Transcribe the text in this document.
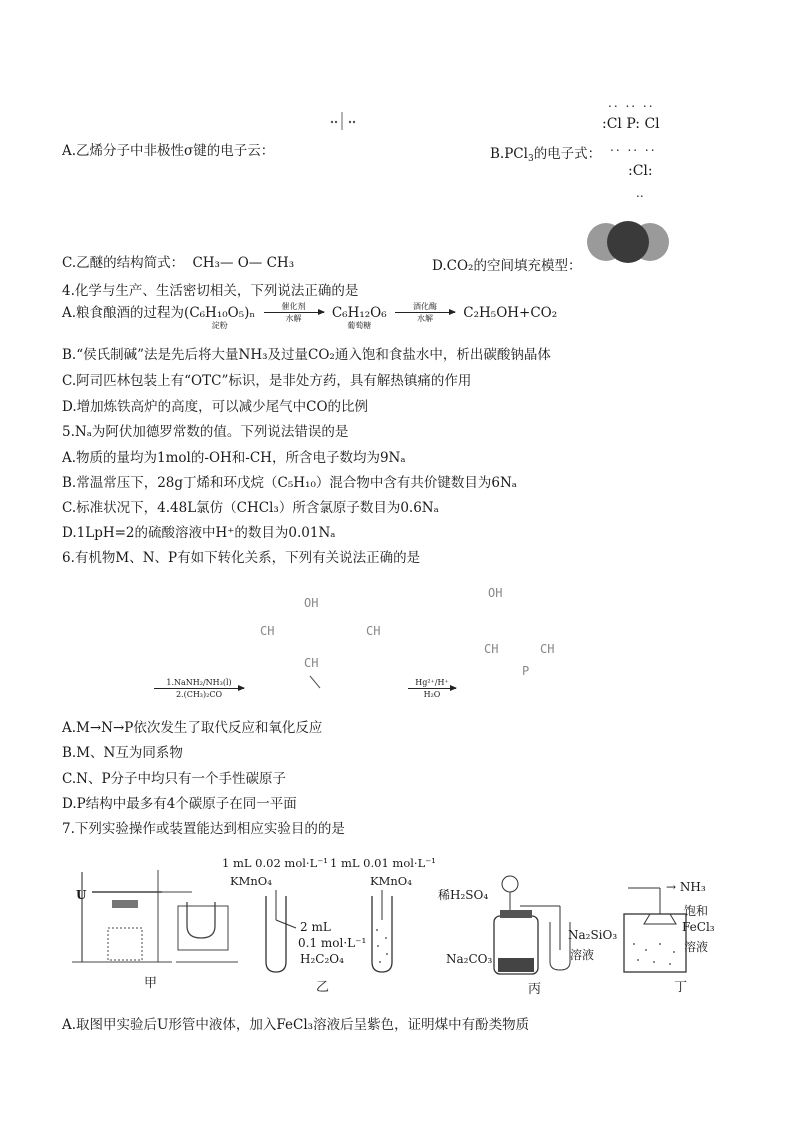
A.乙烯分子中非极性σ键的电子云：	B.PCl$_3$的电子式：
.. .. ..
:Cl P: Cl
.. .. ..
:Cl:
..
C.乙醚的结构简式： CH₃— O— CH₃	D.CO₂的空间填充模型：
4.化学与生产、生活密切相关，下列说法正确的是
A.粮食酿酒的过程为 (C₆H₁₀O₅)ₙ
淀粉

催化剂
水解
	C₆H₁₂O₆
葡萄糖

酒化酶
水解	C₂H₅OH+CO₂
B.“侯氏制碱”法是先后将大量NH₃及过量CO₂通入饱和食盐水中，析出碳酸钠晶体
C.阿司匹林包装上有“OTC”标识，是非处方药，具有解热镇痛的作用
D.增加炼铁高炉的高度，可以减少尾气中CO的比例
5.Nₐ为阿伏加德罗常数的值。下列说法错误的是
A.物质的量均为1mol的-OH和-CH，所含电子数均为9Nₐ
B.常温常压下，28g丁烯和环戊烷（C₅H₁₀）混合物中含有共价键数目为6Nₐ
C.标准状况下，4.48L氯仿（CHCl₃）所含氯原子数目为0.6Nₐ
D.1LpH=2的硫酸溶液中H⁺的数目为0.01Nₐ
6.有机物M、N、P有如下转化关系，下列有关说法正确的是
OH
CH	CH
CH
OH
CH	CH
P
1.NaNH₂/NH₃(l)
2.(CH₃)₂CO	$\frac{\text{Hg²⁺/H⁺}}{\text{H₂O}}$
A.M→N→P依次发生了取代反应和氧化反应
B.M、N互为同系物
C.N、P分子中均只有一个手性碳原子
D.P结构中最多有4个碳原子在同一平面
7.下列实验操作或装置能达到相应实验目的的是
U
甲
1 mL 0.02 mol·L⁻¹ 1 mL 0.01 mol·L⁻¹
KMnO₄	KMnO₄
2 mL
0.1 mol·L⁻¹
H₂C₂O₄
乙
稀H₂SO₄
Na₂CO₃
Na₂SiO₃
溶液
丙
→ NH₃
饱和
FeCl₃
溶液
丁
A.取图甲实验后U形管中液体，加入FeCl₃溶液后呈紫色，证明煤中有酚类物质
